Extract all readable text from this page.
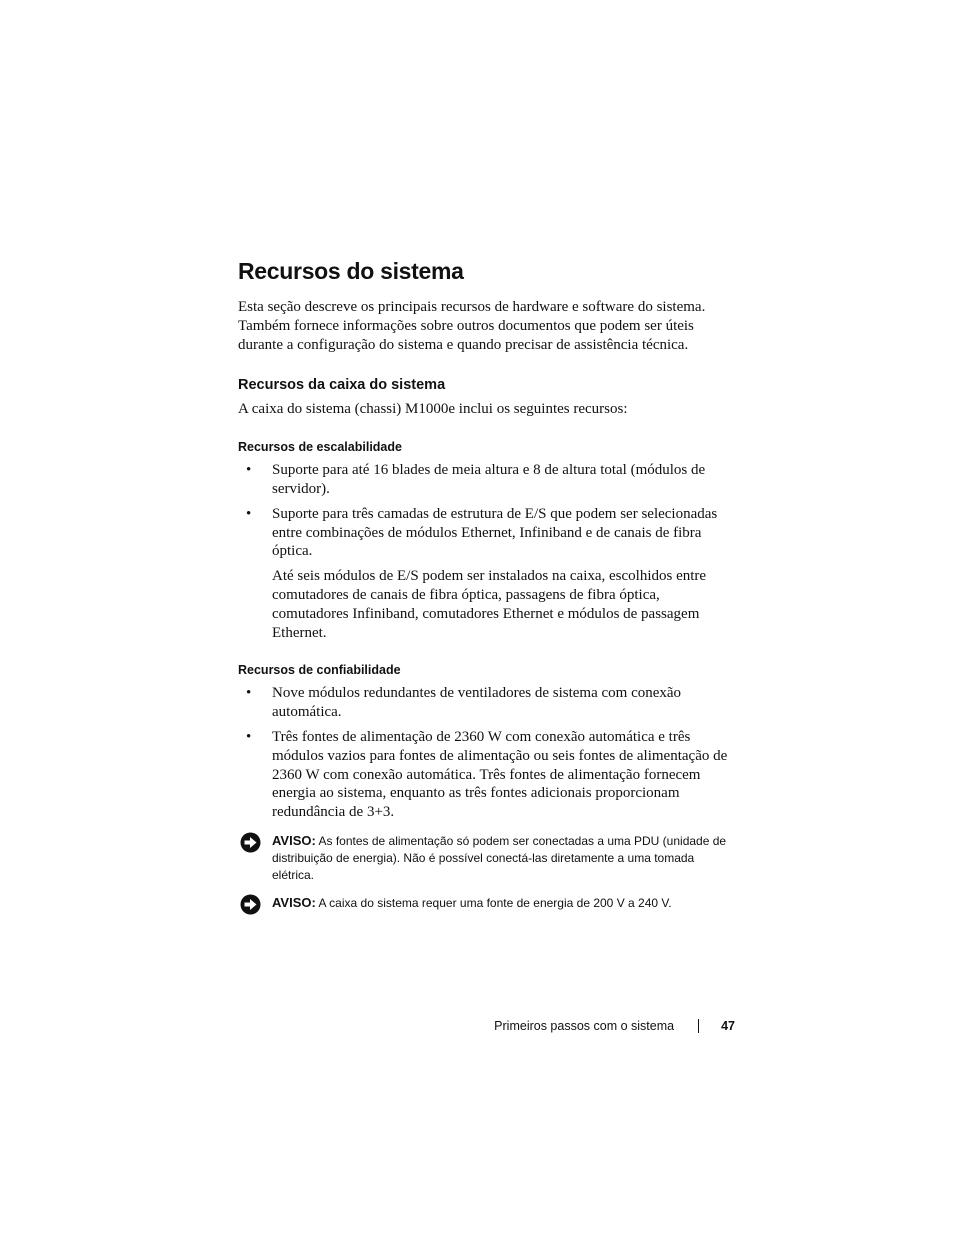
Recursos do sistema

Esta seção descreve os principais recursos de hardware e software do sistema. Também fornece informações sobre outros documentos que podem ser úteis durante a configuração do sistema e quando precisar de assistência técnica.

Recursos da caixa do sistema

A caixa do sistema (chassi) M1000e inclui os seguintes recursos:

Recursos de escalabilidade
• Suporte para até 16 blades de meia altura e 8 de altura total (módulos de servidor).
• Suporte para três camadas de estrutura de E/S que podem ser selecionadas entre combinações de módulos Ethernet, Infiniband e de canais de fibra óptica.

Até seis módulos de E/S podem ser instalados na caixa, escolhidos entre comutadores de canais de fibra óptica, passagens de fibra óptica, comutadores Infiniband, comutadores Ethernet e módulos de passagem Ethernet.

Recursos de confiabilidade
• Nove módulos redundantes de ventiladores de sistema com conexão automática.
• Três fontes de alimentação de 2360 W com conexão automática e três módulos vazios para fontes de alimentação ou seis fontes de alimentação de 2360 W com conexão automática. Três fontes de alimentação fornecem energia ao sistema, enquanto as três fontes adicionais proporcionam redundância de 3+3.
AVISO: As fontes de alimentação só podem ser conectadas a uma PDU (unidade de distribuição de energia). Não é possível conectá-las diretamente a uma tomada elétrica.
AVISO: A caixa do sistema requer uma fonte de energia de 200 V a 240 V.
Primeiros passos com o sistema	47
